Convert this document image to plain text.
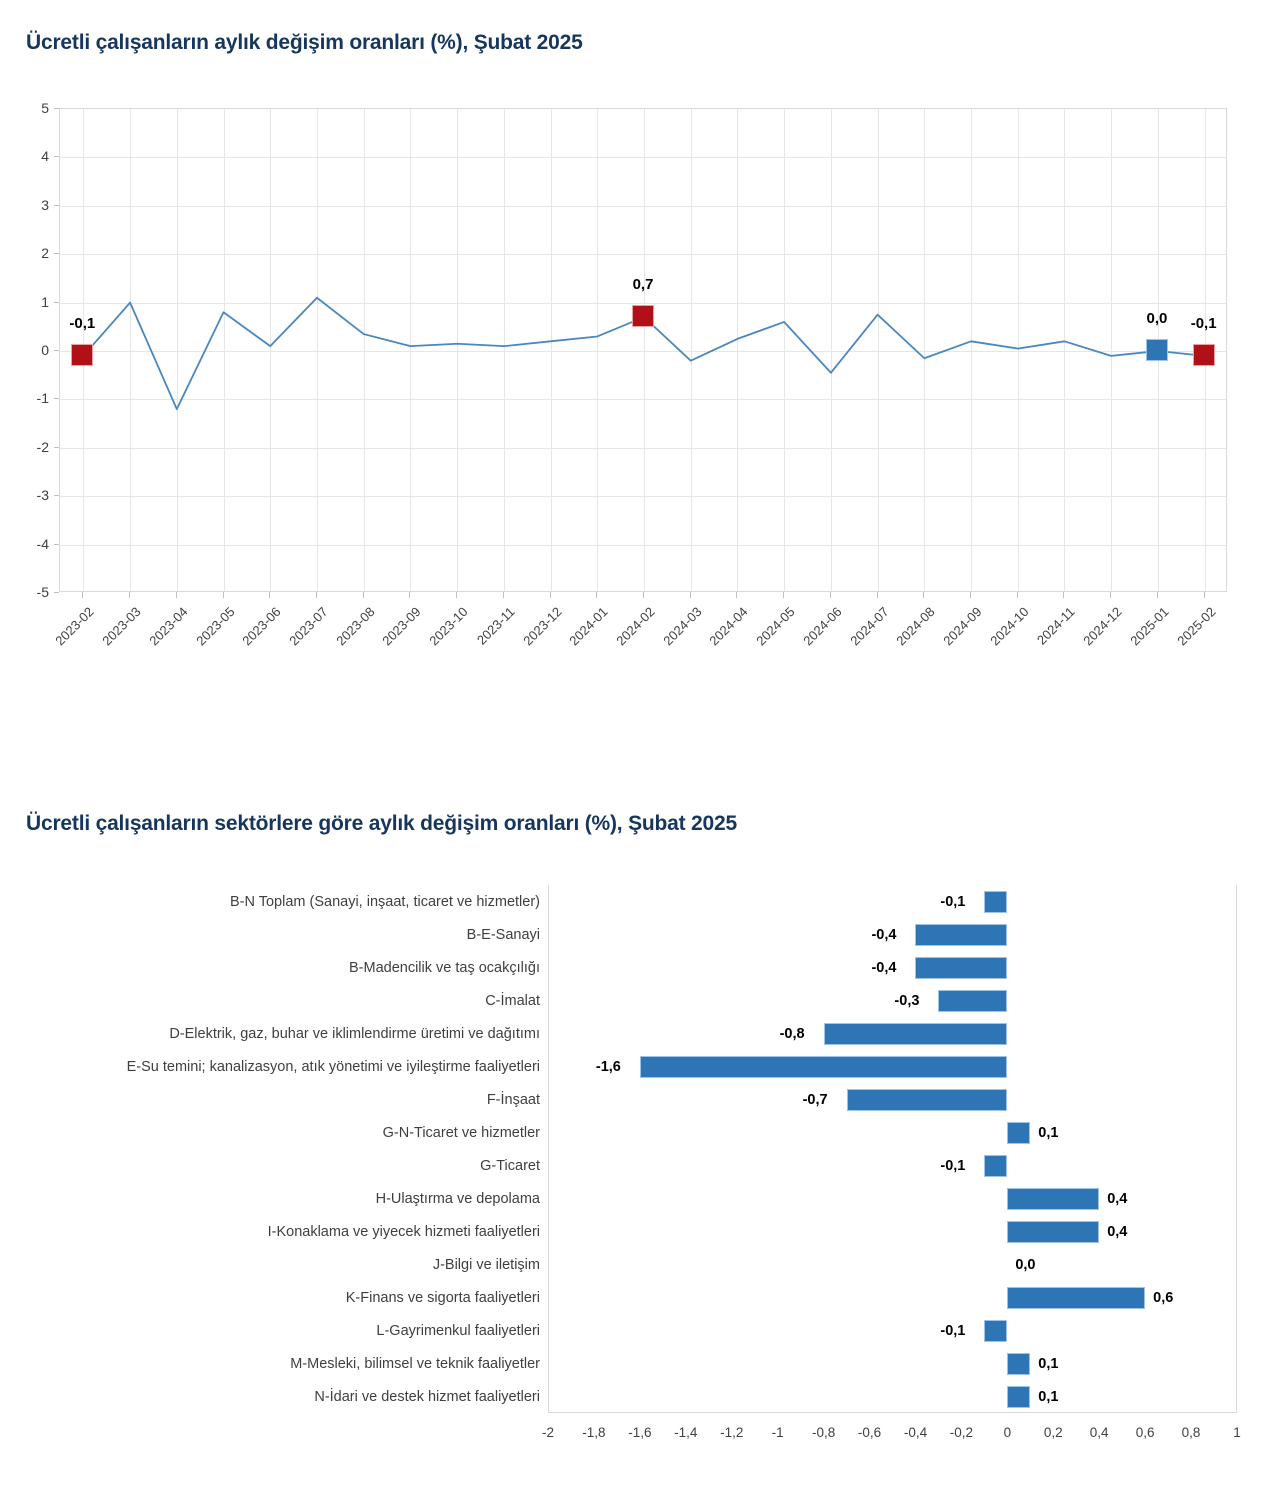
Ücretli çalışanların aylık değişim oranları (%), Şubat 2025
5
4
3
2
1
0
-1
-2
-3
-4
-5
2023-02 2023-03 2023-04 2023-05 2023-06 2023-07 2023-08 2023-09 2023-10 2023-11 2023-12 2024-01 2024-02 2024-03 2024-04 2024-05 2024-06 2024-07 2024-08 2024-09 2024-10 2024-11 2024-12 2025-01 2025-02
-0,1
0,7
0,0 -0,1
Ücretli çalışanların sektörlere göre aylık değişim oranları (%), Şubat 2025
B-N Toplam (Sanayi, inşaat, ticaret ve hizmetler)	-0,1
B-E-Sanayi	-0,4
B-Madencilik ve taş ocakçılığı	-0,4
C-İmalat	-0,3
D-Elektrik, gaz, buhar ve iklimlendirme üretimi ve dağıtımı	-0,8
E-Su temini; kanalizasyon, atık yönetimi ve iyileştirme faaliyetleri	-1,6
F-İnşaat	-0,7
G-N-Ticaret ve hizmetler	0,1
G-Ticaret	-0,1
H-Ulaştırma ve depolama	0,4
I-Konaklama ve yiyecek hizmeti faaliyetleri	0,4
J-Bilgi ve iletişim	0,0
K-Finans ve sigorta faaliyetleri	0,6
L-Gayrimenkul faaliyetleri	-0,1
M-Mesleki, bilimsel ve teknik faaliyetler	0,1
N-İdari ve destek hizmet faaliyetleri	0,1
-2 -1,8 -1,6 -1,4 -1,2 -1 -0,8 -0,6 -0,4 -0,2 0 0,2 0,4 0,6 0,8 1
